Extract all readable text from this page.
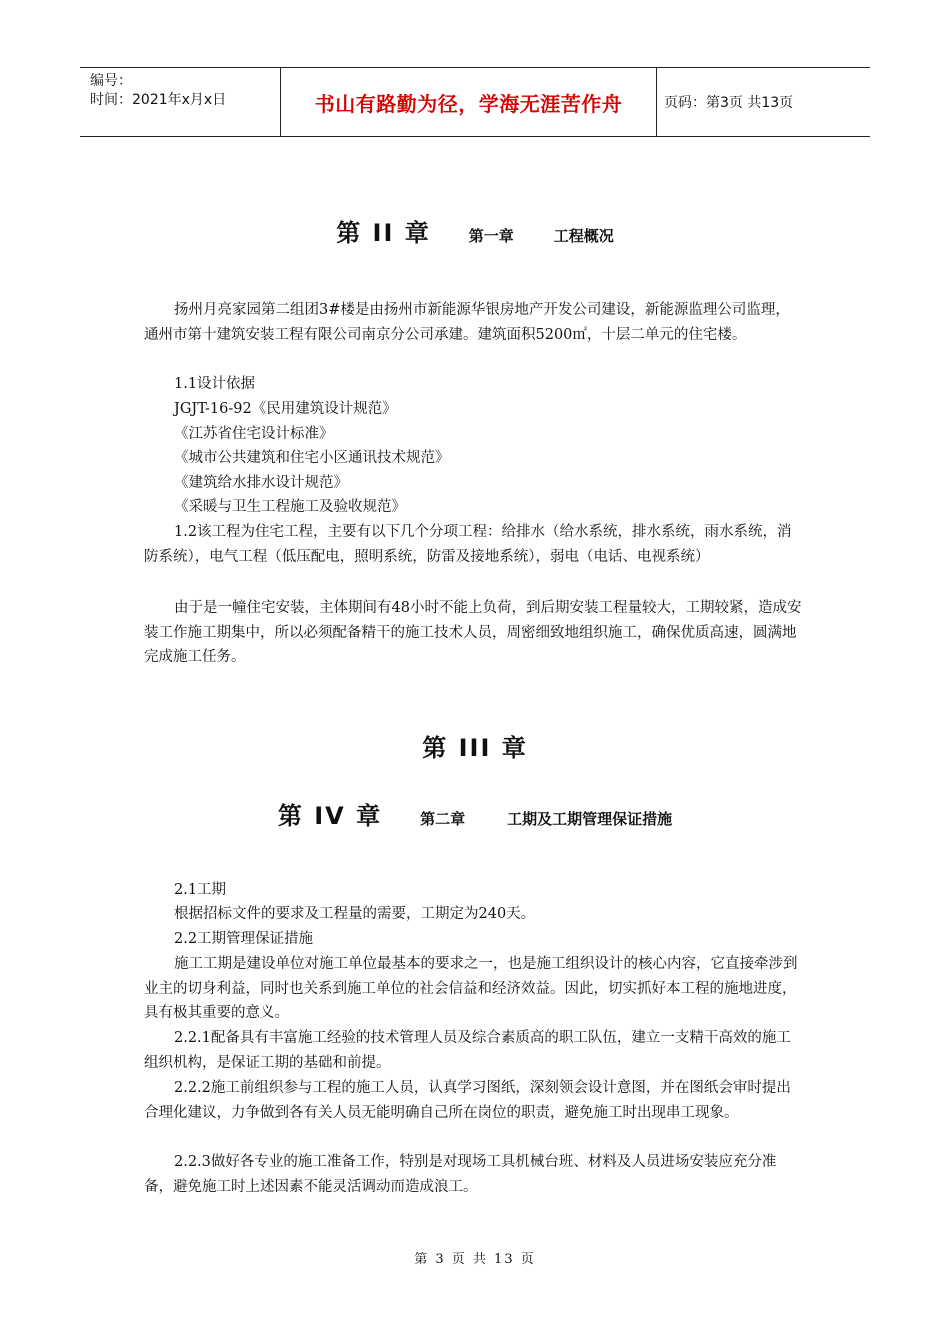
编号：
时间：2021年x月x日	书山有路勤为径，学海无涯苦作舟	页码：第3页 共13页
第 II 章	第一章	工程概况
扬州月亮家园第二组团3#楼是由扬州市新能源华银房地产开发公司建设，新能源监理公司监理，通州市第十建筑安装工程有限公司南京分公司承建。建筑面积5200㎡，十层二单元的住宅楼。
1.1设计依据
JGJT-16-92《民用建筑设计规范》
《江苏省住宅设计标准》
《城市公共建筑和住宅小区通讯技术规范》
《建筑给水排水设计规范》
《采暖与卫生工程施工及验收规范》
1.2该工程为住宅工程，主要有以下几个分项工程：给排水（给水系统，排水系统，雨水系统，消防系统），电气工程（低压配电，照明系统，防雷及接地系统），弱电（电话、电视系统）
由于是一幢住宅安装，主体期间有48小时不能上负荷，到后期安装工程量较大，工期较紧，造成安装工作施工期集中，所以必须配备精干的施工技术人员，周密细致地组织施工，确保优质高速，圆满地完成施工任务。
第 III 章
第 IV 章	第二章	工期及工期管理保证措施
2.1工期
根据招标文件的要求及工程量的需要，工期定为240天。
2.2工期管理保证措施
施工工期是建设单位对施工单位最基本的要求之一，也是施工组织设计的核心内容，它直接牵涉到业主的切身利益，同时也关系到施工单位的社会信益和经济效益。因此，切实抓好本工程的施地进度，具有极其重要的意义。
2.2.1配备具有丰富施工经验的技术管理人员及综合素质高的职工队伍，建立一支精干高效的施工组织机构，是保证工期的基础和前提。
2.2.2施工前组织参与工程的施工人员，认真学习图纸，深刻领会设计意图，并在图纸会审时提出合理化建议，力争做到各有关人员无能明确自己所在岗位的职责，避免施工时出现串工现象。
2.2.3做好各专业的施工准备工作，特别是对现场工具机械台班、材料及人员进场安装应充分准备，避免施工时上述因素不能灵活调动而造成浪工。
第 3 页 共 13 页
